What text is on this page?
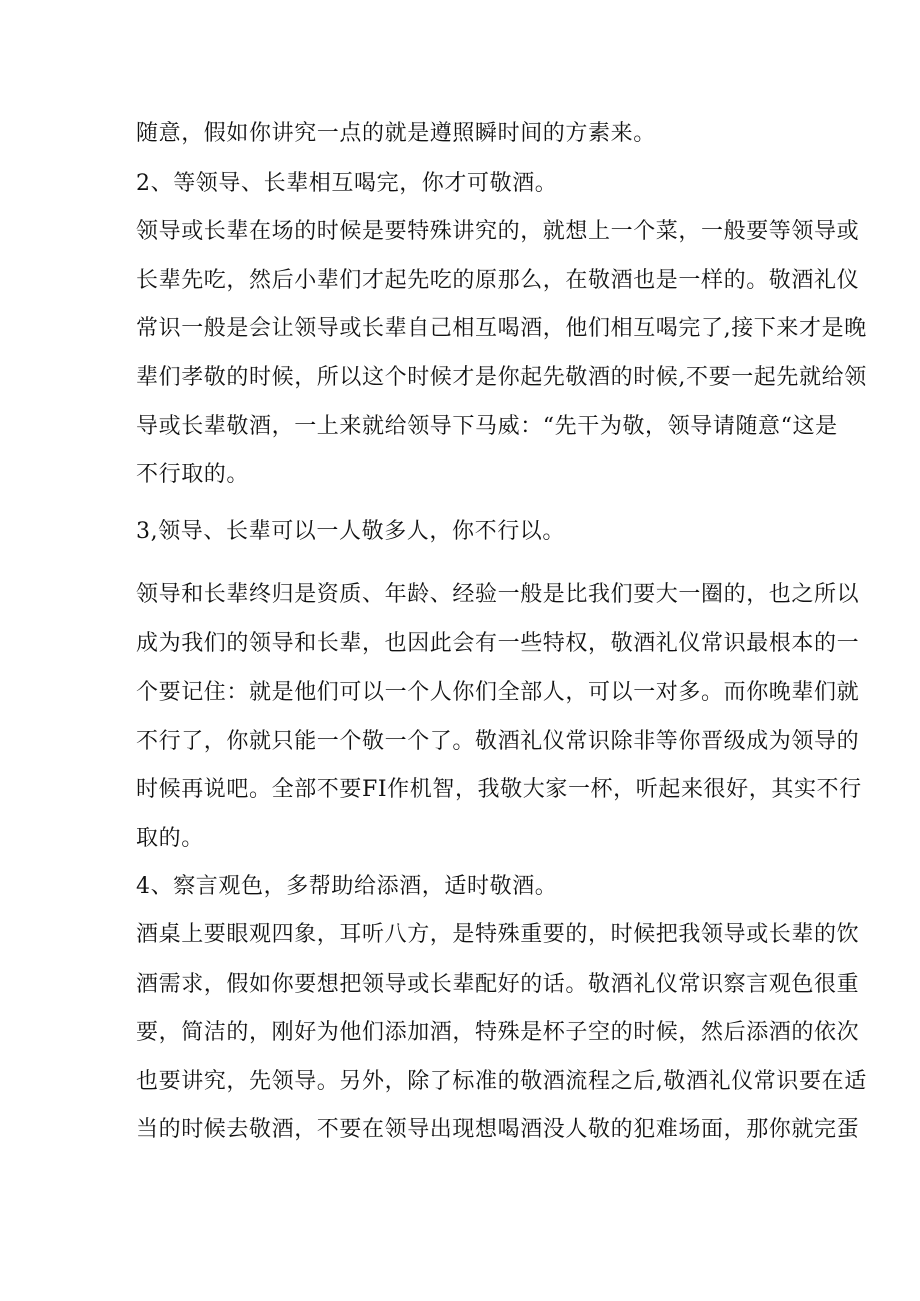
随意，假如你讲究一点的就是遵照瞬时间的方素来。
2、等领导、长辈相互喝完，你才可敬酒。
领导或长辈在场的时候是要特殊讲究的，就想上一个菜，一般要等领导或
长辈先吃，然后小辈们才起先吃的原那么，在敬酒也是一样的。敬酒礼仪
常识一般是会让领导或长辈自己相互喝酒，他们相互喝完了,接下来才是晚
辈们孝敬的时候，所以这个时候才是你起先敬酒的时候,不要一起先就给领
导或长辈敬酒，一上来就给领导下马威：“先干为敬，领导请随意“这是
不行取的。
3,领导、长辈可以一人敬多人，你不行以。
领导和长辈终归是资质、年龄、经验一般是比我们要大一圈的，也之所以
成为我们的领导和长辈，也因此会有一些特权，敬酒礼仪常识最根本的一
个要记住：就是他们可以一个人你们全部人，可以一对多。而你晚辈们就
不行了，你就只能一个敬一个了。敬酒礼仪常识除非等你晋级成为领导的
时候再说吧。全部不要FI作机智，我敬大家一杯，听起来很好，其实不行
取的。
4、察言观色，多帮助给添酒，适时敬酒。
酒桌上要眼观四象，耳听八方，是特殊重要的，时候把我领导或长辈的饮
酒需求，假如你要想把领导或长辈配好的话。敬酒礼仪常识察言观色很重
要，简洁的，刚好为他们添加酒，特殊是杯子空的时候，然后添酒的依次
也要讲究，先领导。另外，除了标准的敬酒流程之后,敬酒礼仪常识要在适
当的时候去敬酒，不要在领导出现想喝酒没人敬的犯难场面，那你就完蛋
